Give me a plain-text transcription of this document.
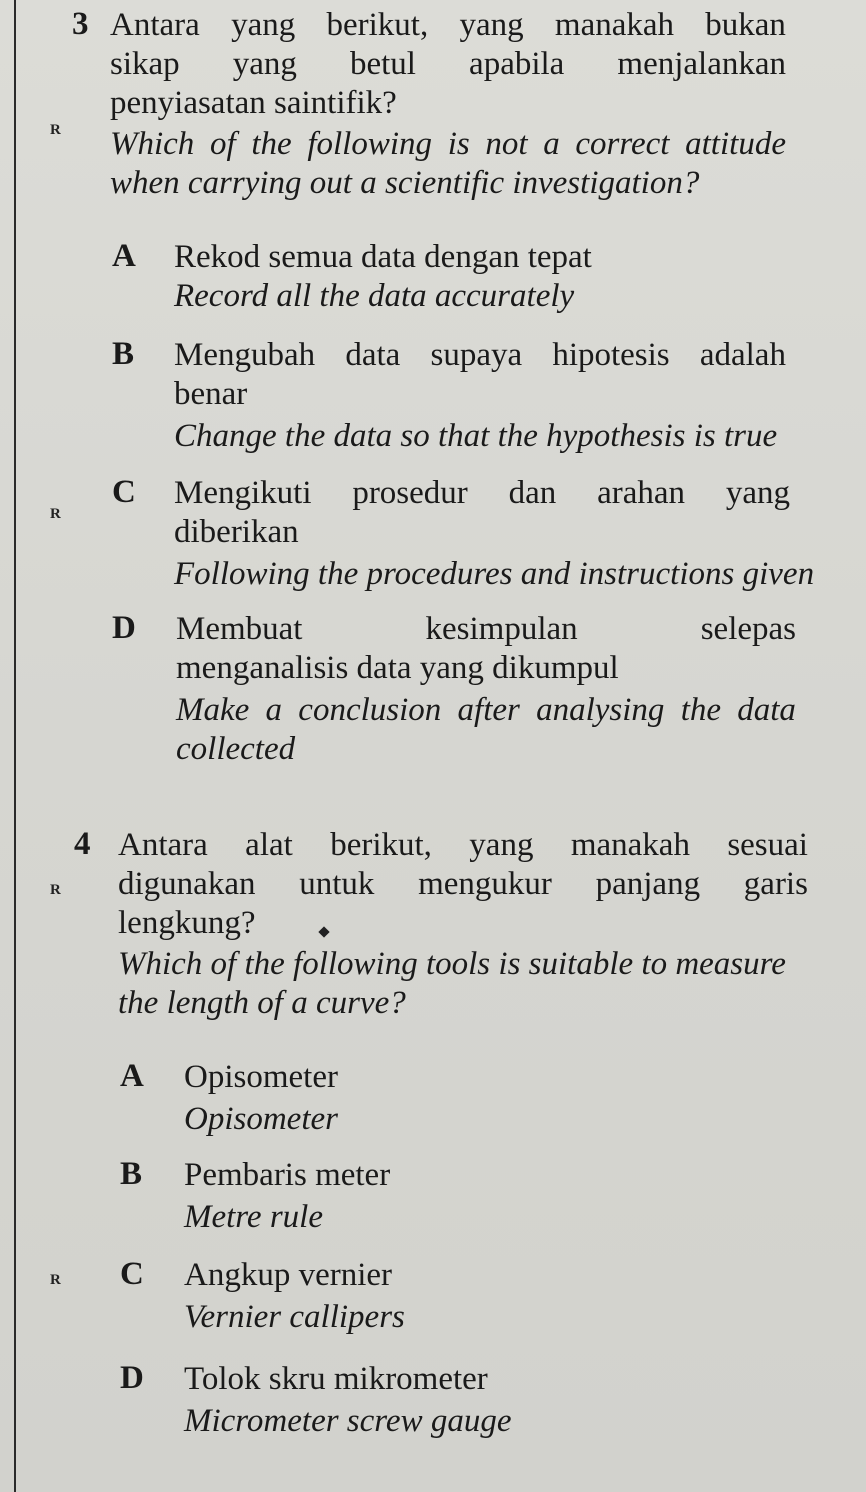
R
R
R
R
3 Antara yang berikut, yang manakah bukan
sikap yang betul apabila menjalankan
penyiasatan saintifik?
Which of the following is not a correct attitude
when carrying out a scientific investigation?
A Rekod semua data dengan tepat
Record all the data accurately
B Mengubah data supaya hipotesis adalah
benar
Change the data so that the hypothesis is true
C Mengikuti prosedur dan arahan yang
diberikan
Following the procedures and instructions given
D Membuat	kesimpulan	selepas
menganalisis data yang dikumpul
Make a conclusion after analysing the data
collected
4 Antara alat berikut, yang manakah sesuai
digunakan untuk mengukur panjang garis
lengkung?
Which of the following tools is suitable to measure
the length of a curve?
A Opisometer
Opisometer
B Pembaris meter
Metre rule
C Angkup vernier
Vernier callipers
D Tolok skru mikrometer
Micrometer screw gauge
